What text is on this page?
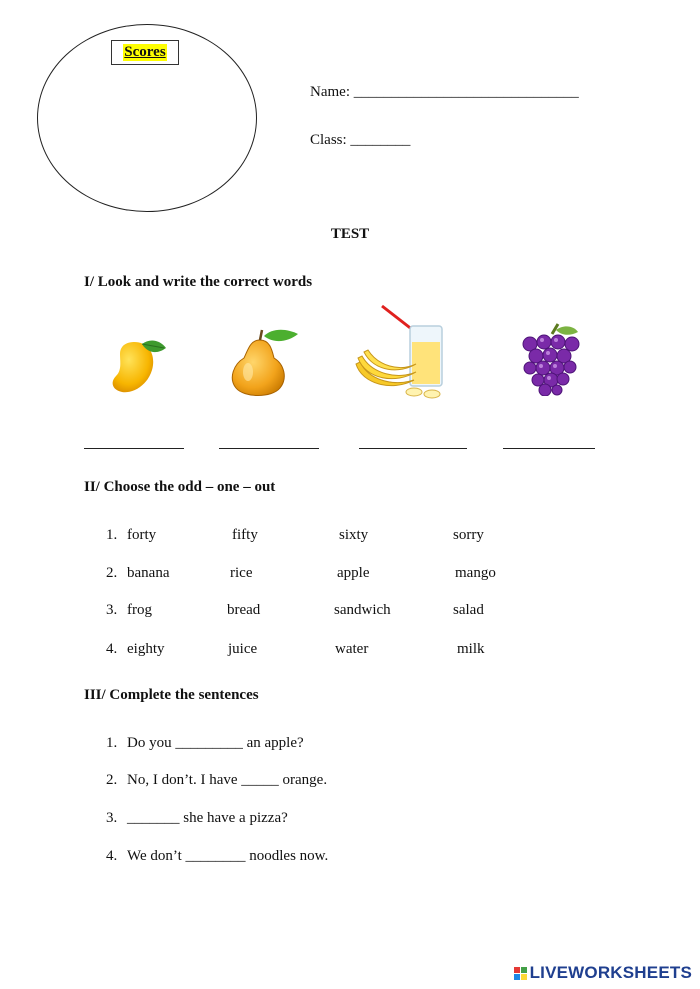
Scores
Name: ______________________________
Class: ________
TEST
I/ Look and write the correct words
II/ Choose the odd – one – out
1. forty	fifty	sixty	sorry
2. banana	rice	apple	mango
3. frog	bread	sandwich	salad
4. eighty	juice	water	milk
III/ Complete the sentences
1. Do you _________ an apple?
2. No, I don’t. I have _____ orange.
3. _______ she have a pizza?
4. We don’t ________ noodles now.
LIVEWORKSHEETS
